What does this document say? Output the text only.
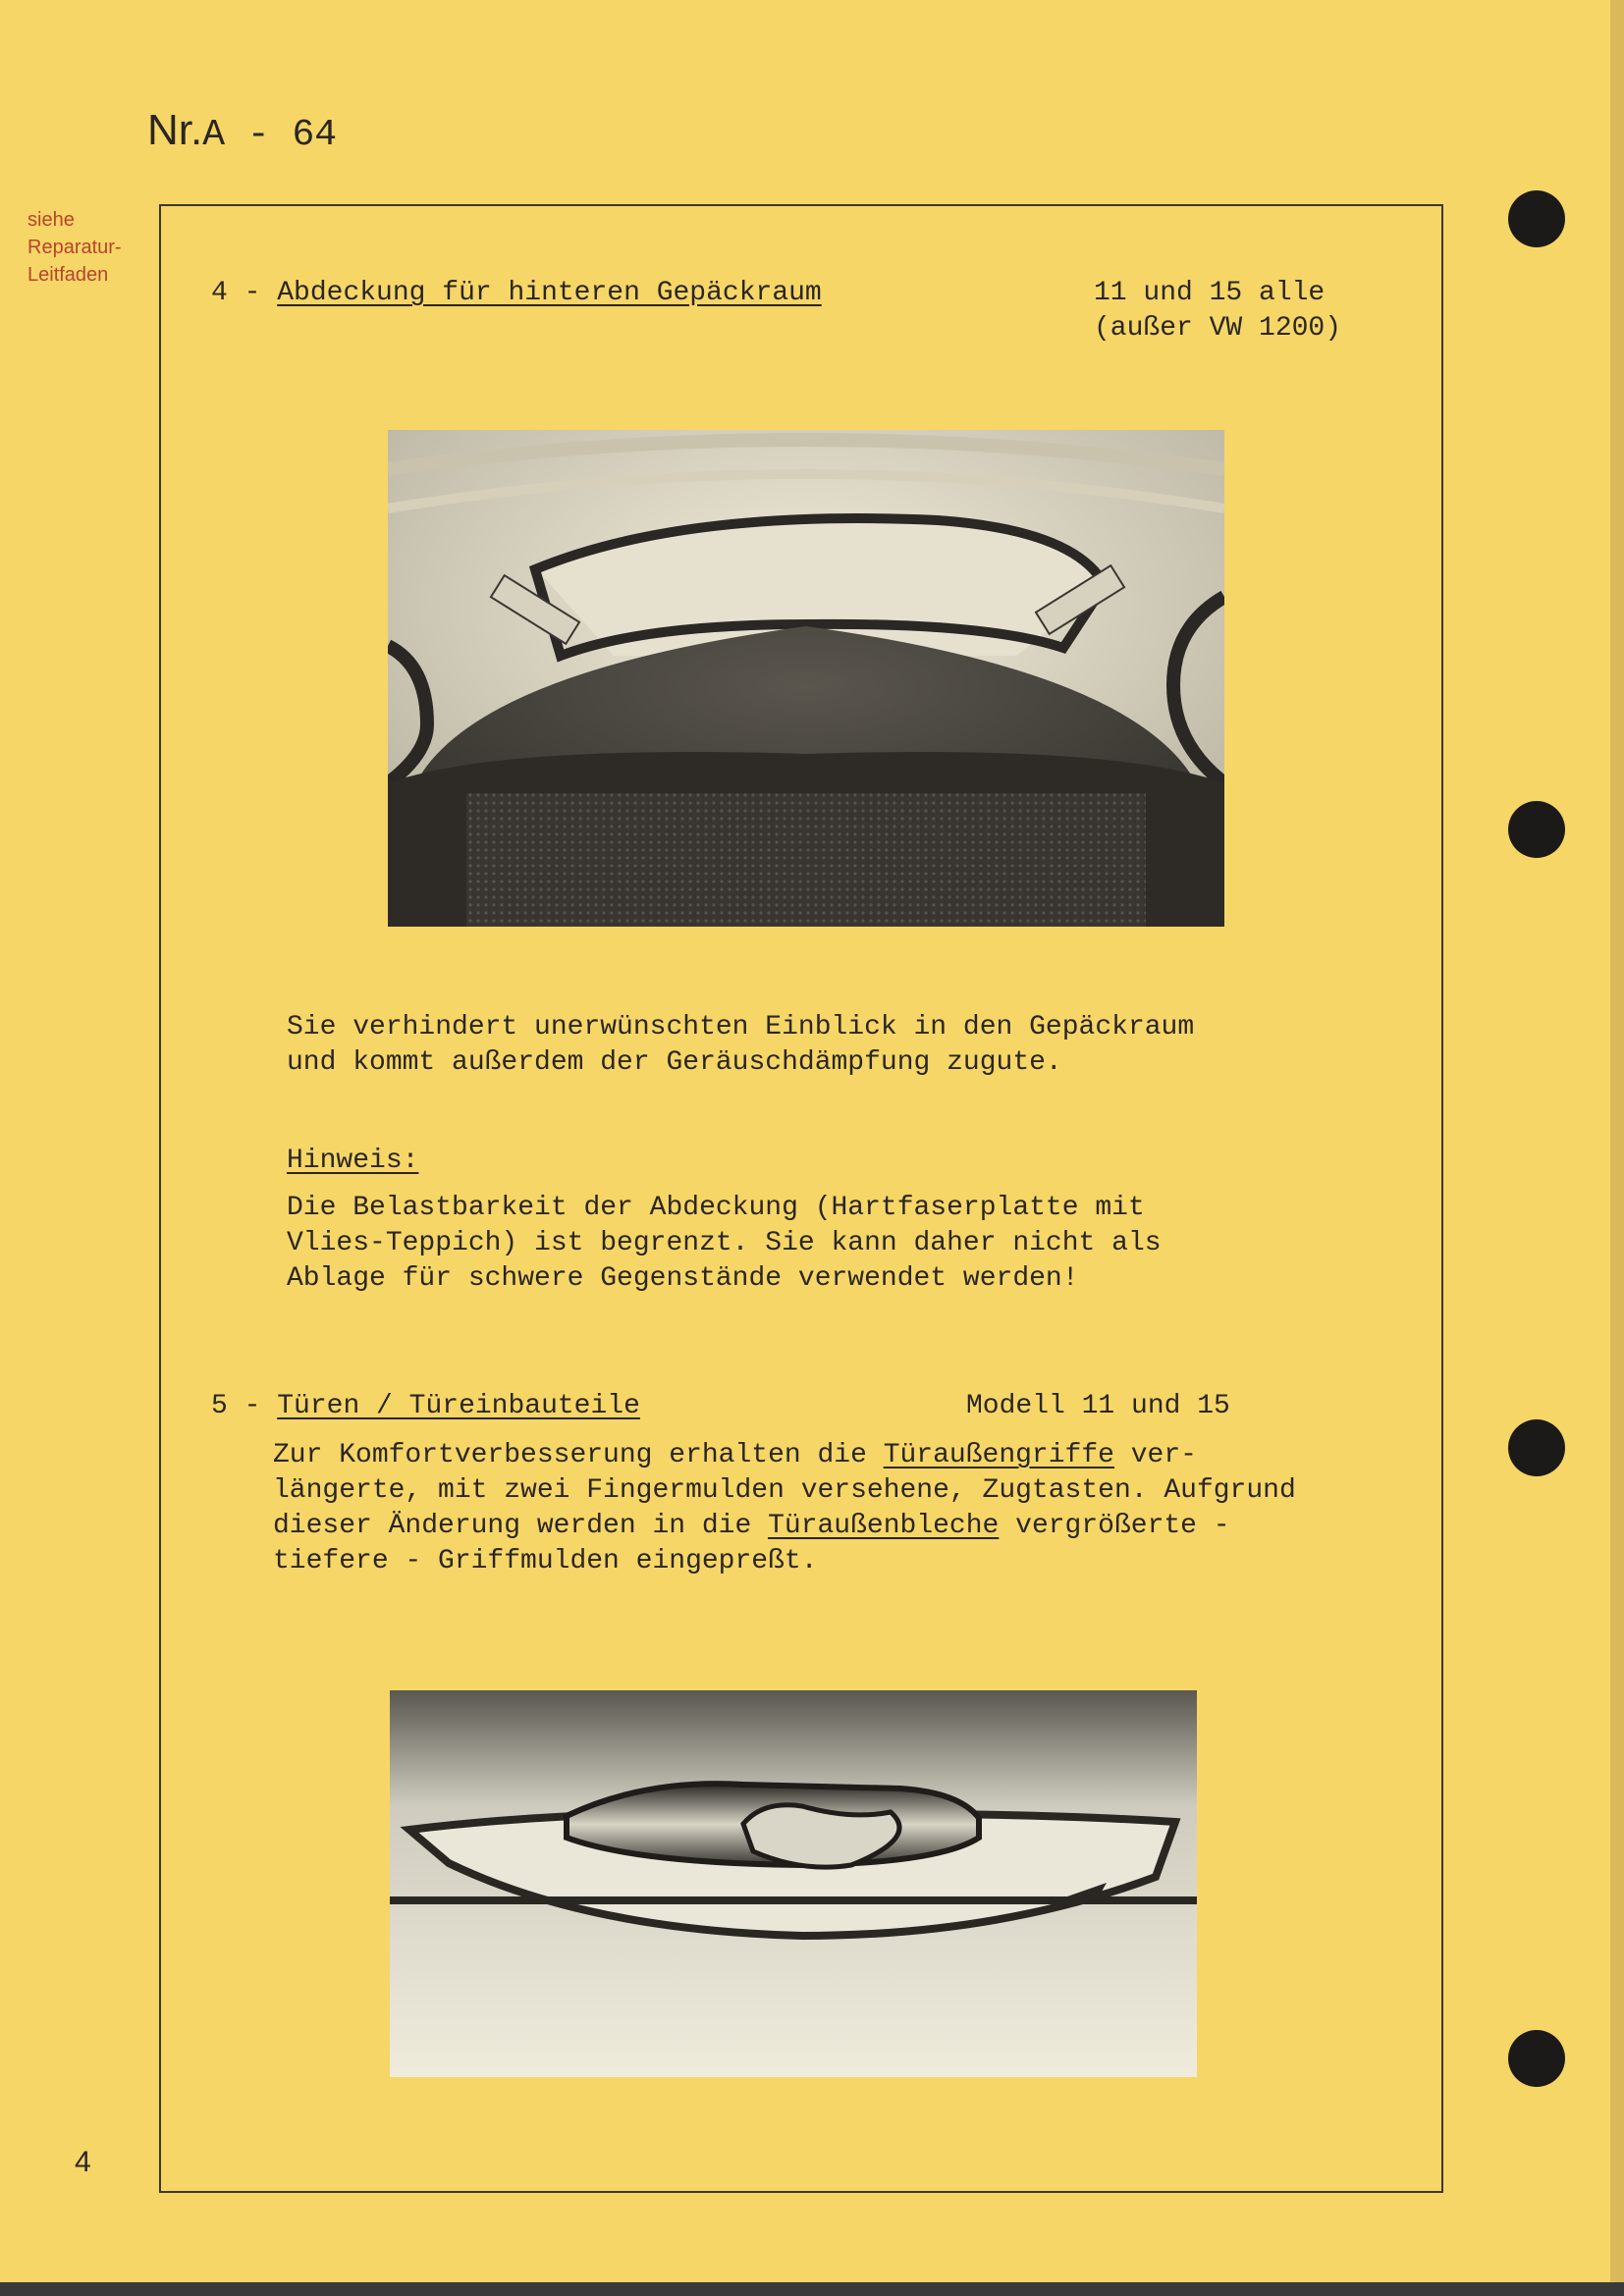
Nr.A - 64
siehe
Reparatur-
Leitfaden
4 - Abdeckung für hinteren Gepäckraum	11 und 15 alle
(außer VW 1200)
Sie verhindert unerwünschten Einblick in den Gepäckraum
und kommt außerdem der Geräuschdämpfung zugute.
Hinweis:
Die Belastbarkeit der Abdeckung (Hartfaserplatte mit
Vlies-Teppich) ist begrenzt. Sie kann daher nicht als
Ablage für schwere Gegenstände verwendet werden!
5 - Türen / Türeinbauteile	Modell 11 und 15
Zur Komfortverbesserung erhalten die Türaußengriffe ver-
längerte, mit zwei Fingermulden versehene, Zugtasten. Aufgrund
dieser Änderung werden in die Türaußenbleche vergrößerte -
tiefere - Griffmulden eingepreßt.
4
